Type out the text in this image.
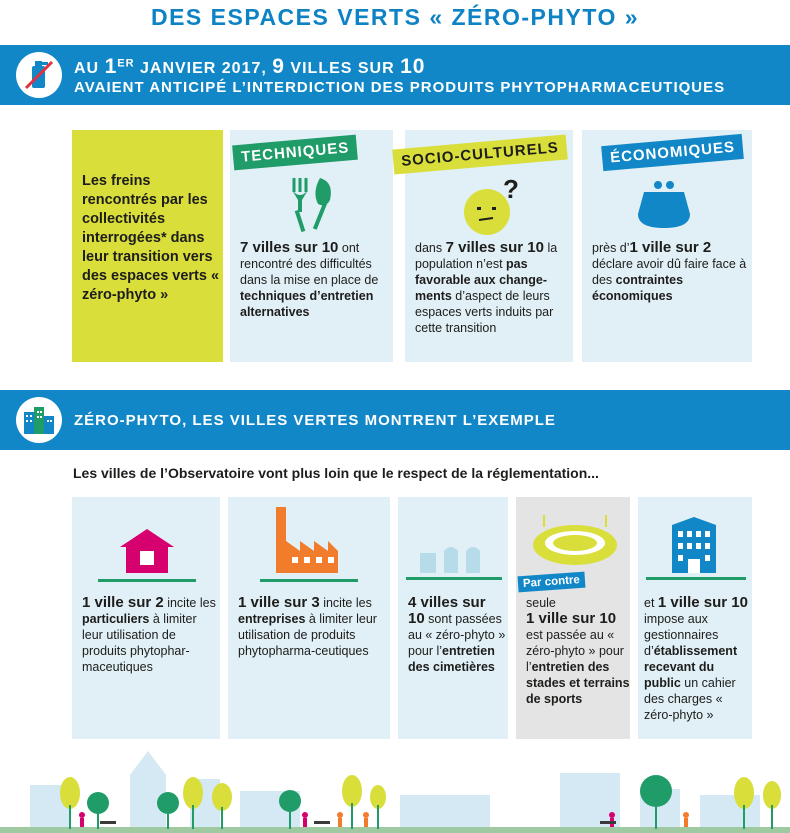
DES ESPACES VERTS « ZÉRO-PHYTO »
AU 1ER JANVIER 2017, 9 VILLES SUR 10
AVAIENT ANTICIPÉ L’INTERDICTION DES PRODUITS PHYTOPHARMACEUTIQUES
Les freins rencontrés par les collectivités interrogées* dans leur transition vers des espaces verts « zéro-phyto »
TECHNIQUES
7 villes sur 10 ont rencontré des difficultés dans la mise en place de techniques d’entretien alternatives
SOCIO-CULTURELS
?
dans 7 villes sur 10 la population n’est pas favorable aux change-ments d’aspect de leurs espaces verts induits par cette transition
ÉCONOMIQUES
près d’1 ville sur 2 déclare avoir dû faire face à des contraintes économiques
ZÉRO-PHYTO, LES VILLES VERTES MONTRENT L’EXEMPLE
Les villes de l’Observatoire vont plus loin que le respect de la réglementation...
1 ville sur 2 incite les particuliers à limiter leur utilisation de produits phytophar-maceutiques
1 ville sur 3 incite les entreprises à limiter leur utilisation de produits phytopharma-ceutiques
4 villes sur 10 sont passées au « zéro-phyto » pour l’entretien des cimetières
Par contre
seule
1 ville sur 10 est passée au « zéro-phyto » pour l’entretien des stades et terrains de sports
et 1 ville sur 10 impose aux gestionnaires d’établissement recevant du public un cahier des charges « zéro-phyto »
